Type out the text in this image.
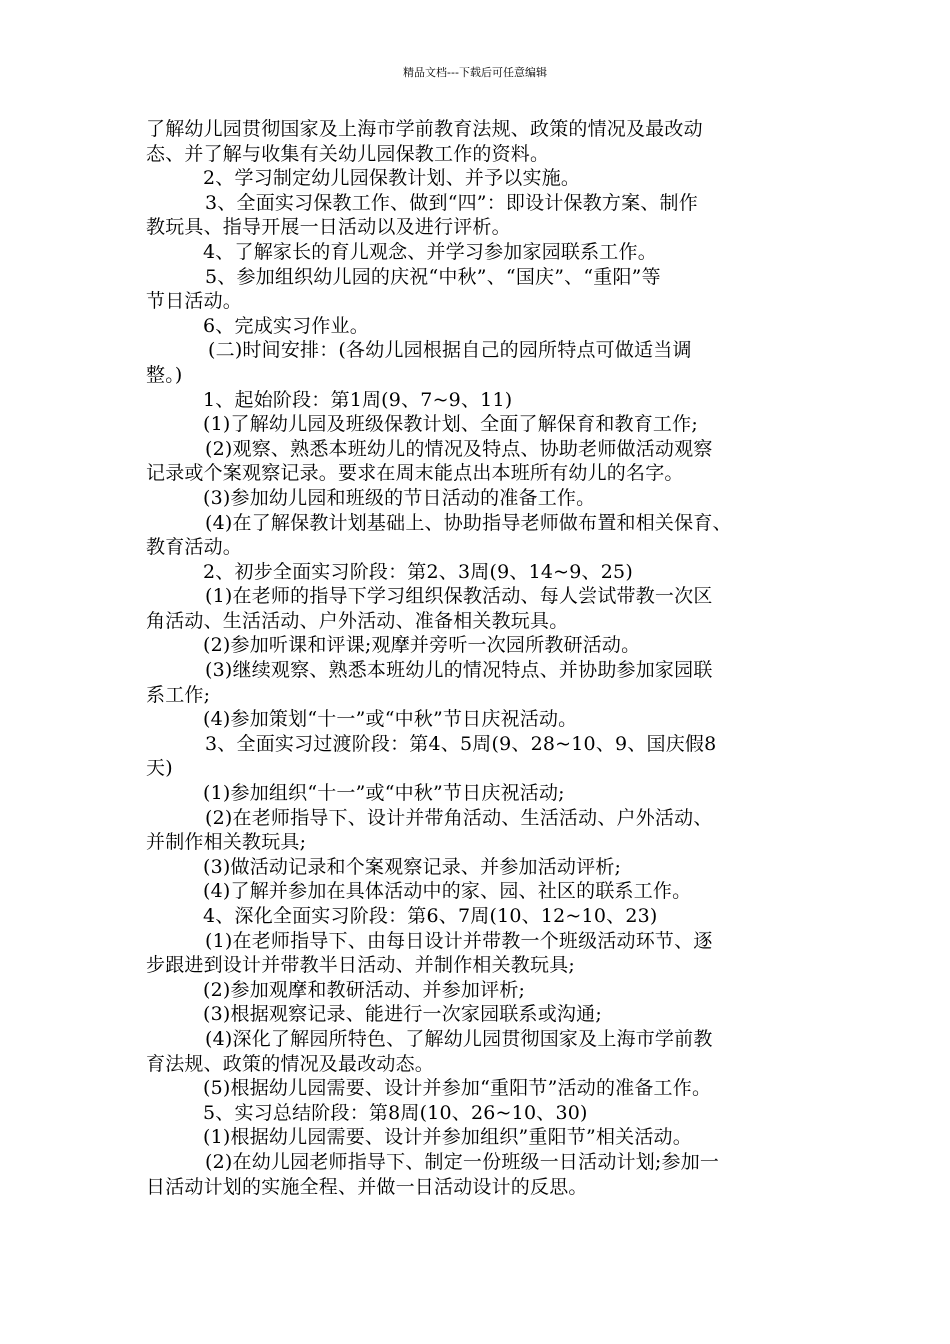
精品文档---下载后可任意编辑
了解幼儿园贯彻国家及上海市学前教育法规、政策的情况及最改动
态、并了解与收集有关幼儿园保教工作的资料。
2、学习制定幼儿园保教计划、并予以实施。
3、全面实习保教工作、做到“四”：即设计保教方案、制作
教玩具、指导开展一日活动以及进行评析。
4、了解家长的育儿观念、并学习参加家园联系工作。
5、参加组织幼儿园的庆祝“中秋”、“国庆”、“重阳”等
节日活动。
6、完成实习作业。
(二)时间安排：(各幼儿园根据自己的园所特点可做适当调
整。)
1、起始阶段：第1周(9、7~9、11)
(1)了解幼儿园及班级保教计划、全面了解保育和教育工作;
(2)观察、熟悉本班幼儿的情况及特点、协助老师做活动观察
记录或个案观察记录。要求在周末能点出本班所有幼儿的名字。
(3)参加幼儿园和班级的节日活动的准备工作。
(4)在了解保教计划基础上、协助指导老师做布置和相关保育、
教育活动。
2、初步全面实习阶段：第2、3周(9、14~9、25)
(1)在老师的指导下学习组织保教活动、每人尝试带教一次区
角活动、生活活动、户外活动、准备相关教玩具。
(2)参加听课和评课;观摩并旁听一次园所教研活动。
(3)继续观察、熟悉本班幼儿的情况特点、并协助参加家园联
系工作;
(4)参加策划“十一”或“中秋”节日庆祝活动。
3、全面实习过渡阶段：第4、5周(9、28~10、9、国庆假8
天)
(1)参加组织“十一”或“中秋”节日庆祝活动;
(2)在老师指导下、设计并带角活动、生活活动、户外活动、
并制作相关教玩具;
(3)做活动记录和个案观察记录、并参加活动评析;
(4)了解并参加在具体活动中的家、园、社区的联系工作。
4、深化全面实习阶段：第6、7周(10、12~10、23)
(1)在老师指导下、由每日设计并带教一个班级活动环节、逐
步跟进到设计并带教半日活动、并制作相关教玩具;
(2)参加观摩和教研活动、并参加评析;
(3)根据观察记录、能进行一次家园联系或沟通;
(4)深化了解园所特色、了解幼儿园贯彻国家及上海市学前教
育法规、政策的情况及最改动态。
(5)根据幼儿园需要、设计并参加“重阳节”活动的准备工作。
5、实习总结阶段：第8周(10、26~10、30)
(1)根据幼儿园需要、设计并参加组织”重阳节”相关活动。
(2)在幼儿园老师指导下、制定一份班级一日活动计划;参加一
日活动计划的实施全程、并做一日活动设计的反思。
